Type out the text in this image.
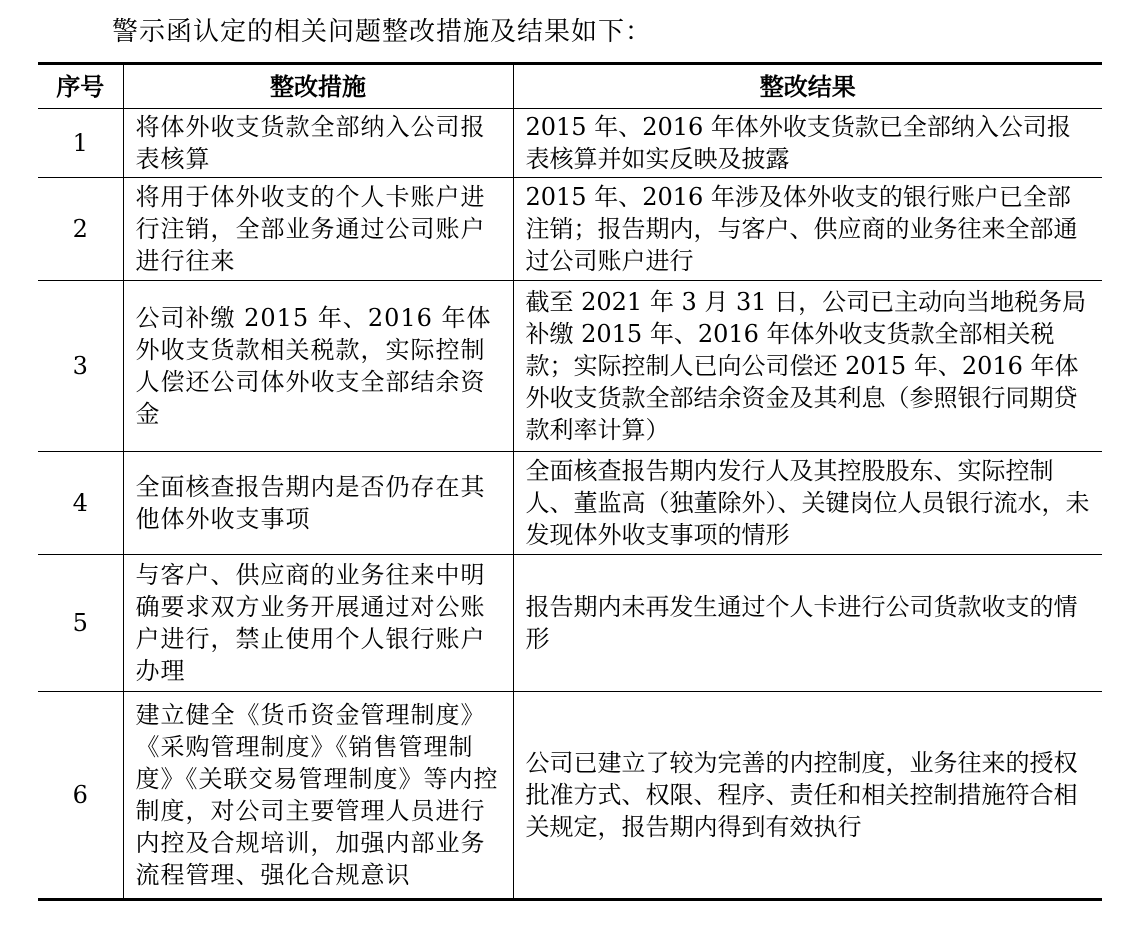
警示函认定的相关问题整改措施及结果如下：
序号	整改措施	整改结果
1	将体外收支货款全部纳入公司报表核算	2015 年、2016 年体外收支货款已全部纳入公司报表核算并如实反映及披露
2	将用于体外收支的个人卡账户进行注销，全部业务通过公司账户进行往来	2015 年、2016 年涉及体外收支的银行账户已全部注销；报告期内，与客户、供应商的业务往来全部通过公司账户进行
3	公司补缴 2015 年、2016 年体外收支货款相关税款，实际控制人偿还公司体外收支全部结余资金	截至 2021 年 3 月 31 日，公司已主动向当地税务局补缴 2015 年、2016 年体外收支货款全部相关税款；实际控制人已向公司偿还 2015 年、2016 年体外收支货款全部结余资金及其利息（参照银行同期贷款利率计算）
4	全面核查报告期内是否仍存在其他体外收支事项	全面核查报告期内发行人及其控股股东、实际控制人、董监高（独董除外）、关键岗位人员银行流水，未发现体外收支事项的情形
5	与客户、供应商的业务往来中明确要求双方业务开展通过对公账户进行，禁止使用个人银行账户办理	报告期内未再发生通过个人卡进行公司货款收支的情形
6	建立健全《货币资金管理制度》《采购管理制度》《销售管理制度》《关联交易管理制度》等内控制度，对公司主要管理人员进行内控及合规培训，加强内部业务流程管理、强化合规意识	公司已建立了较为完善的内控制度，业务往来的授权批准方式、权限、程序、责任和相关控制措施符合相关规定，报告期内得到有效执行
